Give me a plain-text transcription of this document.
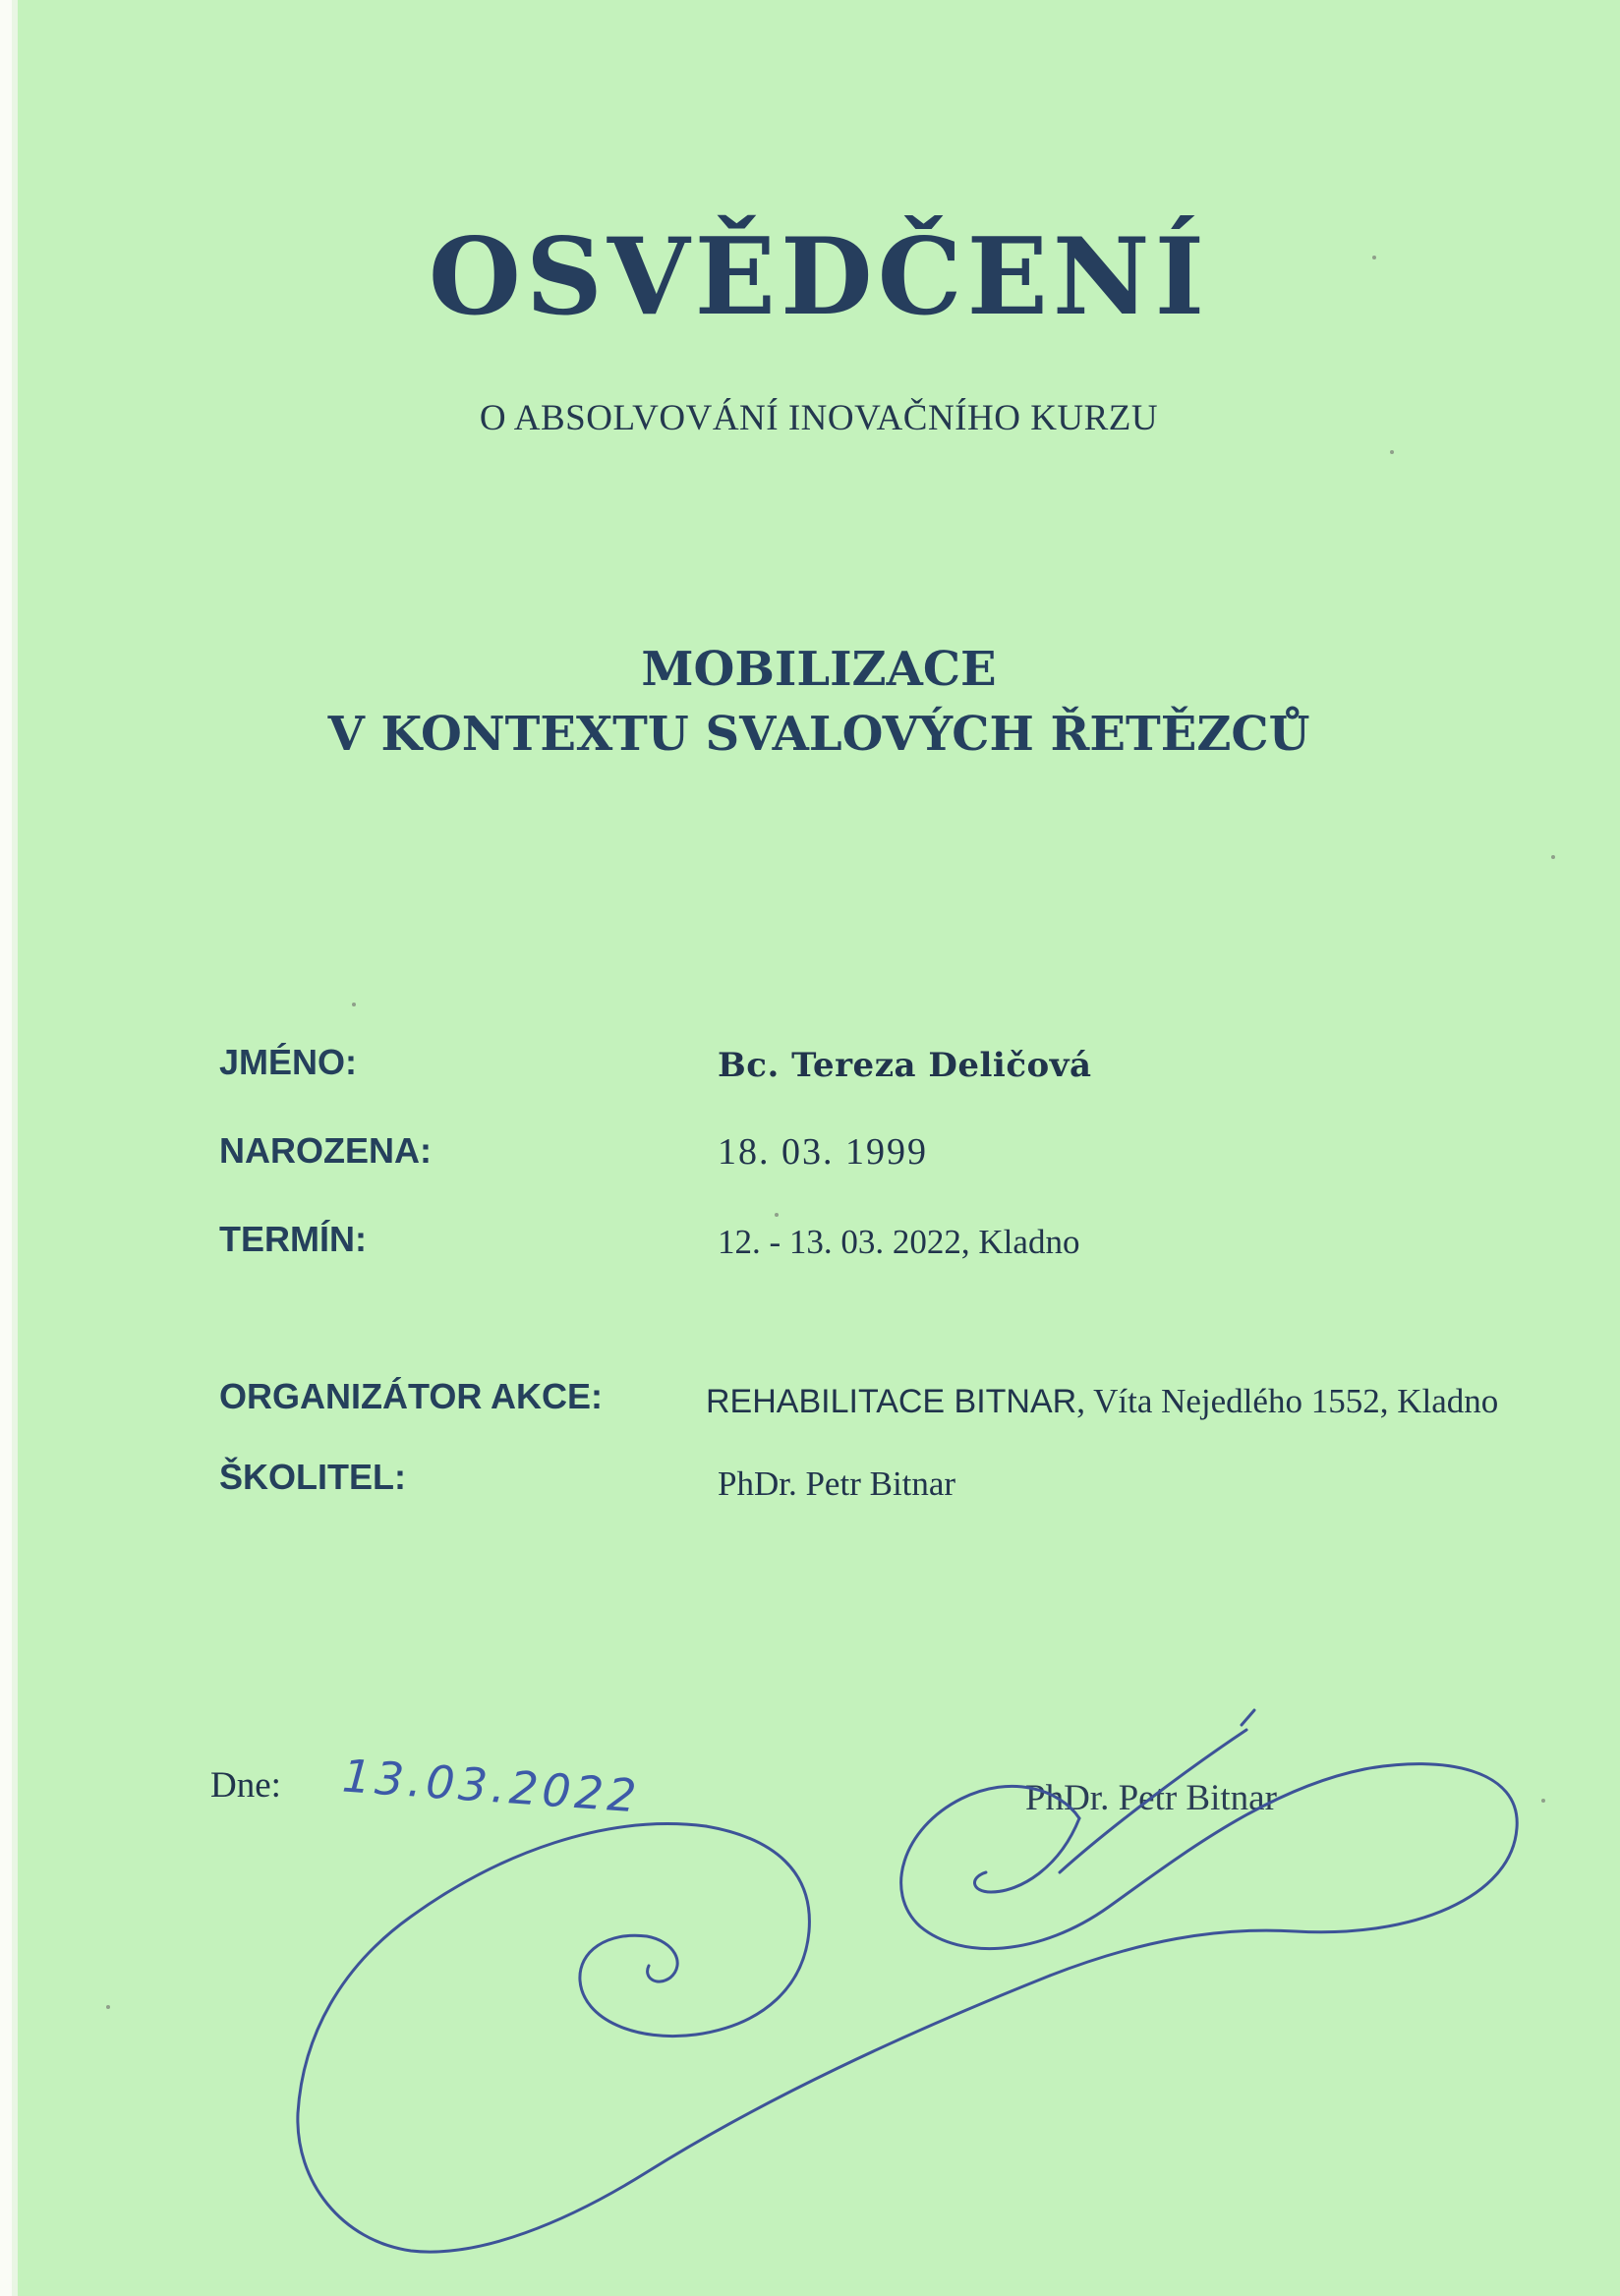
OSVĚDČENÍ
O ABSOLVOVÁNÍ INOVAČNÍHO KURZU
MOBILIZACE
V KONTEXTU SVALOVÝCH ŘETĚZCŮ
JMÉNO:	Bc. Tereza Deličová
NAROZENA:	18. 03. 1999
TERMÍN:	12. - 13. 03. 2022, Kladno
ORGANIZÁTOR AKCE:	REHABILITACE BITNAR, Víta Nejedlého 1552, Kladno
ŠKOLITEL:	PhDr. Petr Bitnar
Dne: 13.03.2022	PhDr. Petr Bitnar
